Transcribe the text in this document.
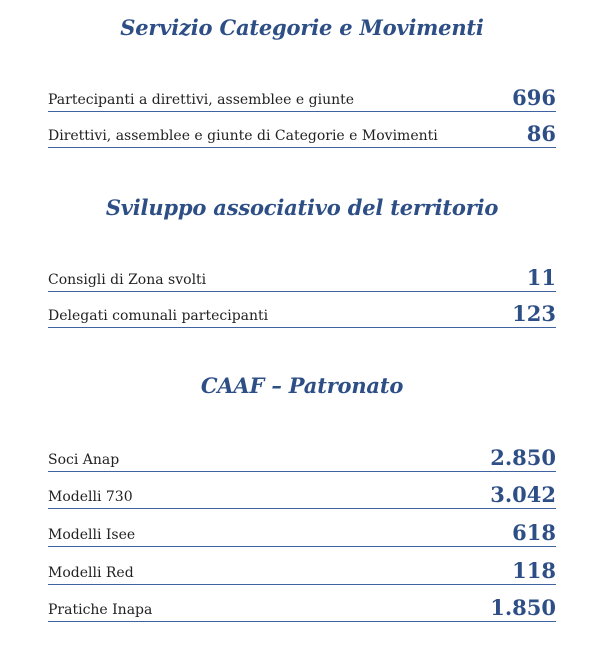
Servizio Categorie e Movimenti
Partecipanti a direttivi, assemblee e giunte	696
Direttivi, assemblee e giunte di Categorie e Movimenti	86
Sviluppo associativo del territorio
Consigli di Zona svolti	11
Delegati comunali partecipanti	123
CAAF – Patronato
Soci Anap	2.850
Modelli 730	3.042
Modelli Isee	618
Modelli Red	118
Pratiche Inapa	1.850
